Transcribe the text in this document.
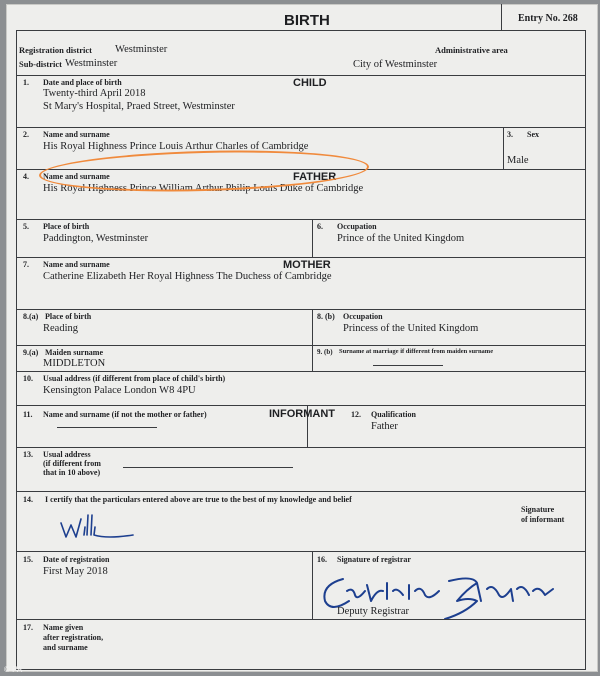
BIRTH	Entry No. 268
Registration district Westminster	Administrative area
Sub-district Westminster	City of Westminster
1. Date and place of birth	CHILD
Twenty-third April 2018
St Mary's Hospital, Praed Street, Westminster
2. Name and surname
His Royal Highness Prince Louis Arthur Charles of Cambridge
3. Sex
Male
4. Name and surname	FATHER
His Royal Highness Prince William Arthur Philip Louis Duke of Cambridge
5. Place of birth
Paddington, Westminster
6. Occupation
Prince of the United Kingdom
7. Name and surname	MOTHER
Catherine Elizabeth Her Royal Highness The Duchess of Cambridge
8.(a) Place of birth
Reading
8. (b) Occupation
Princess of the United Kingdom
9.(a) Maiden surname
MIDDLETON
9. (b) Surname at marriage if different from maiden surname
10. Usual address (if different from place of child's birth)
Kensington Palace London W8 4PU
11. Name and surname (if not the mother or father)	INFORMANT 12. Qualification
Father
13. Usual address
(if different from
that in 10 above)
14. I certify that the particulars entered above are true to the best of my knowledge and belief
Signature
of informant
15. Date of registration
First May 2018
16. Signature of registrar
Deputy Registrar
17. Name given
after registration,
and surname
© PA
